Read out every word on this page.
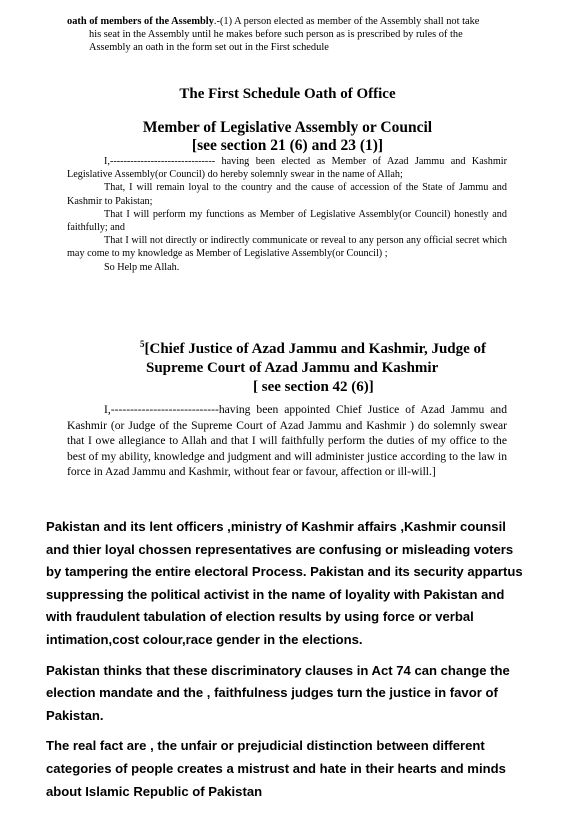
oath of members of the Assembly.-(1) A person elected as member of the Assembly shall not take
his seat in the Assembly until he makes before such person as is prescribed by rules of the
Assembly an oath in the form set out in the First schedule
The First Schedule Oath of Office
Member of Legislative Assembly or Council
[see section 21 (6) and 23 (1)]

I,------------------------------- having been elected as Member of Azad Jammu and Kashmir Legislative Assembly(or Council) do hereby solemnly swear in the name of Allah;

That, I will remain loyal to the country and the cause of accession of the State of Jammu and Kashmir to Pakistan;

That I will perform my functions as Member of Legislative Assembly(or Council) honestly and faithfully; and

That I will not directly or indirectly communicate or reveal to any person any official secret which may come to my knowledge as Member of Legislative Assembly(or Council) ;

So Help me Allah.

$^5$[Chief Justice of Azad Jammu and Kashmir, Judge of
Supreme Court of Azad Jammu and Kashmir
[ see section 42 (6)]

I,----------------------------having been appointed Chief Justice of Azad Jammu and Kashmir (or Judge of the Supreme Court of Azad Jammu and Kashmir ) do solemnly swear that I owe allegiance to Allah and that I will faithfully perform the duties of my office to the best of my ability, knowledge and judgment and will administer justice according to the law in force in Azad Jammu and Kashmir, without fear or favour, affection or ill-will.]

Pakistan and its lent officers ,ministry of Kashmir affairs ,Kashmir counsil and thier loyal chossen representatives are confusing or misleading voters by tampering the entire electoral Process. Pakistan and its security appartus suppressing the political activist in the name of loyality with Pakistan and with fraudulent tabulation of election results by using force or verbal intimation,cost colour,race gender in the elections.

Pakistan thinks that these discriminatory clauses in Act 74 can change the election mandate and the , faithfulness judges turn the justice in favor of Pakistan.

The real fact are , the unfair or prejudicial distinction between different categories of people creates a mistrust and hate in their hearts and minds about Islamic Republic of Pakistan
